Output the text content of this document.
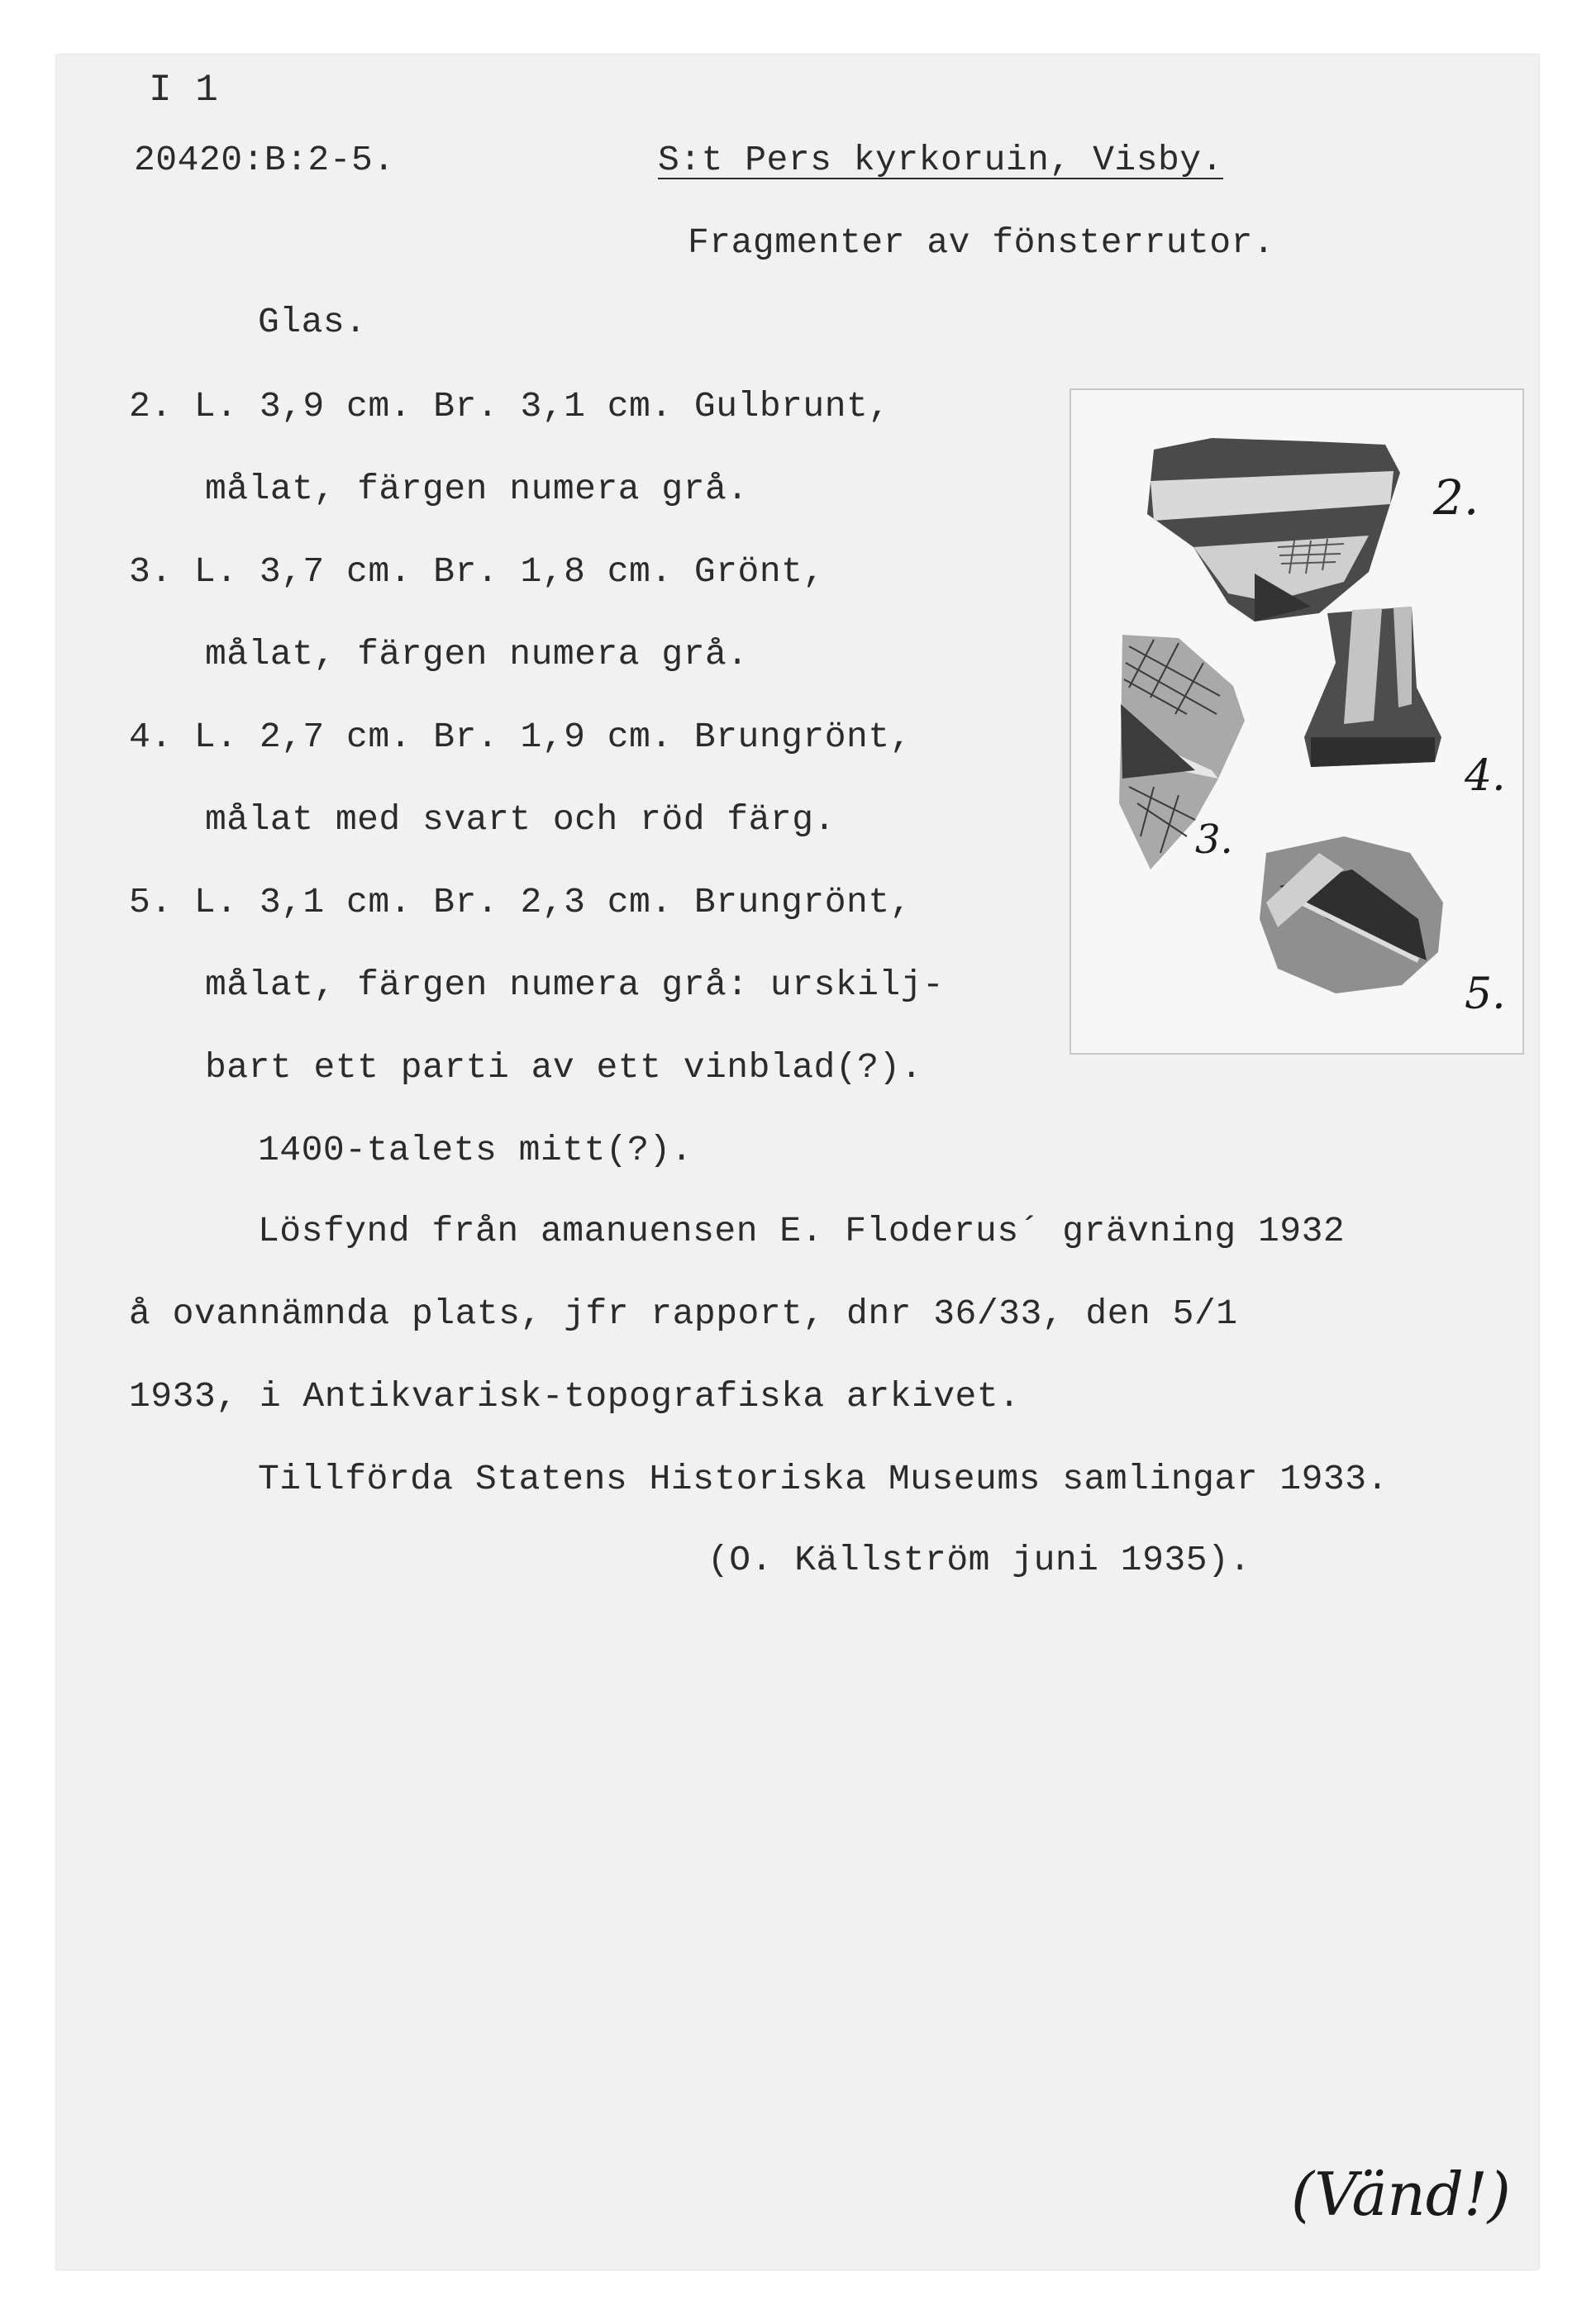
I 1
20420:B:2-5.	S:t Pers kyrkoruin, Visby.
Fragmenter av fönsterrutor.
Glas.
2. L. 3,9 cm. Br. 3,1 cm. Gulbrunt,
målat, färgen numera grå.
3. L. 3,7 cm. Br. 1,8 cm. Grönt,
målat, färgen numera grå.
4. L. 2,7 cm. Br. 1,9 cm. Brungrönt,
målat med svart och röd färg.
5. L. 3,1 cm. Br. 2,3 cm. Brungrönt,
målat, färgen numera grå: urskilj-
bart ett parti av ett vinblad(?).
1400-talets mitt(?).
Lösfynd från amanuensen E. Floderus´ grävning 1932
å ovannämnda plats, jfr rapport, dnr 36/33, den 5/1
1933, i Antikvarisk-topografiska arkivet.
Tillförda Statens Historiska Museums samlingar 1933.
(O. Källström juni 1935).
2.
3.
4.
5.
(Vänd!)
